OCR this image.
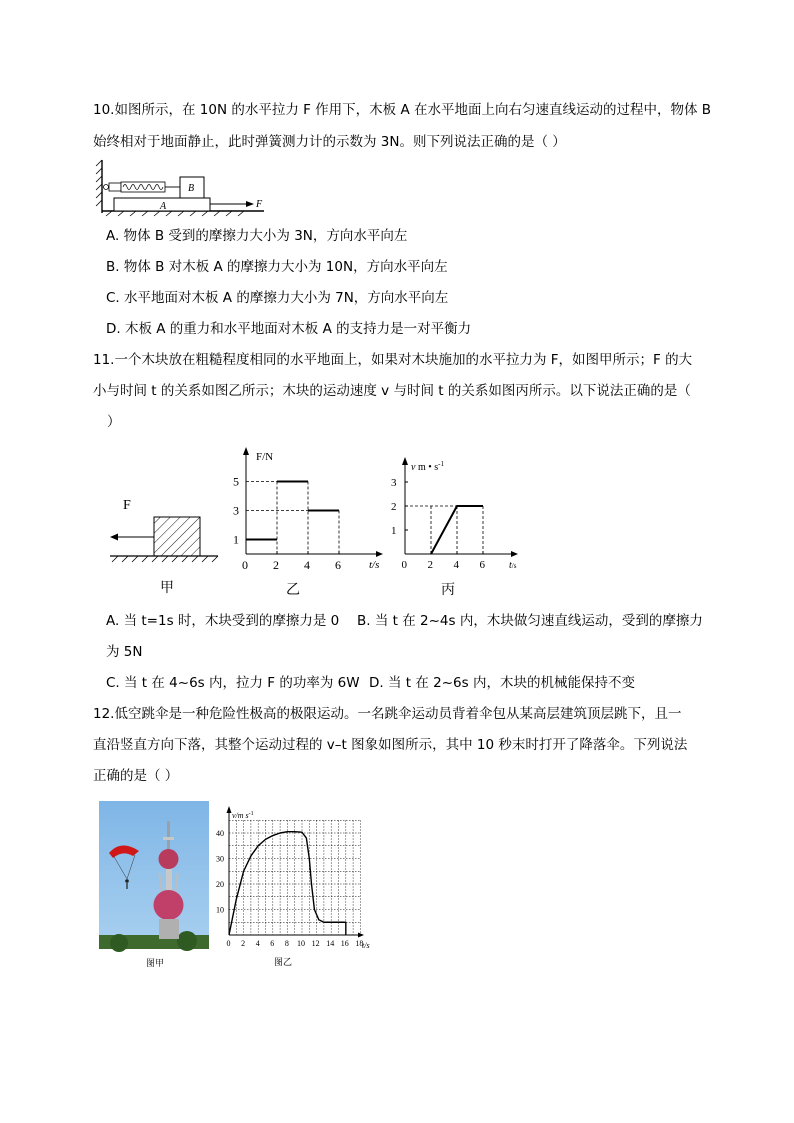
10.如图所示，在 10N 的水平拉力 F 作用下，木板 A 在水平地面上向右匀速直线运动的过程中，物体 B
始终相对于地面静止，此时弹簧测力计的示数为 3N。则下列说法正确的是（ ）
A
B
F
A. 物体 B 受到的摩擦力大小为 3N，方向水平向左
B. 物体 B 对木板 A 的摩擦力大小为 10N，方向水平向左
C. 水平地面对木板 A 的摩擦力大小为 7N，方向水平向左
D. 木板 A 的重力和水平地面对木板 A 的支持力是一对平衡力
11.一个木块放在粗糙程度相同的水平地面上，如果对木块施加的水平拉力为 F，如图甲所示；F 的大
小与时间 t 的关系如图乙所示；木块的运动速度 v 与时间 t 的关系如图丙所示。以下说法正确的是（
）
F
甲
F/N
t/s
0 2 4 6
1
3
5
乙
v m • $s^{-1}$
t/s
0 2 4 6
1
2
3
丙
A. 当 t=1s 时，木块受到的摩擦力是 0 B. 当 t 在 2~4s 内，木块做匀速直线运动，受到的摩擦力
为 5N
C. 当 t 在 4~6s 内，拉力 F 的功率为 6W D. 当 t 在 2~6s 内，木块的机械能保持不变
12.低空跳伞是一种危险性极高的极限运动。一名跳伞运动员背着伞包从某高层建筑顶层跳下，且一
直沿竖直方向下落，其整个运动过程的 v–t 图象如图所示，其中 10 秒末时打开了降落伞。下列说法
正确的是（ ）
图甲
v/m $s^{-1}$
t/s
0 2 4 6 8 10 12 14 16 18
10
20
30
40
图乙
